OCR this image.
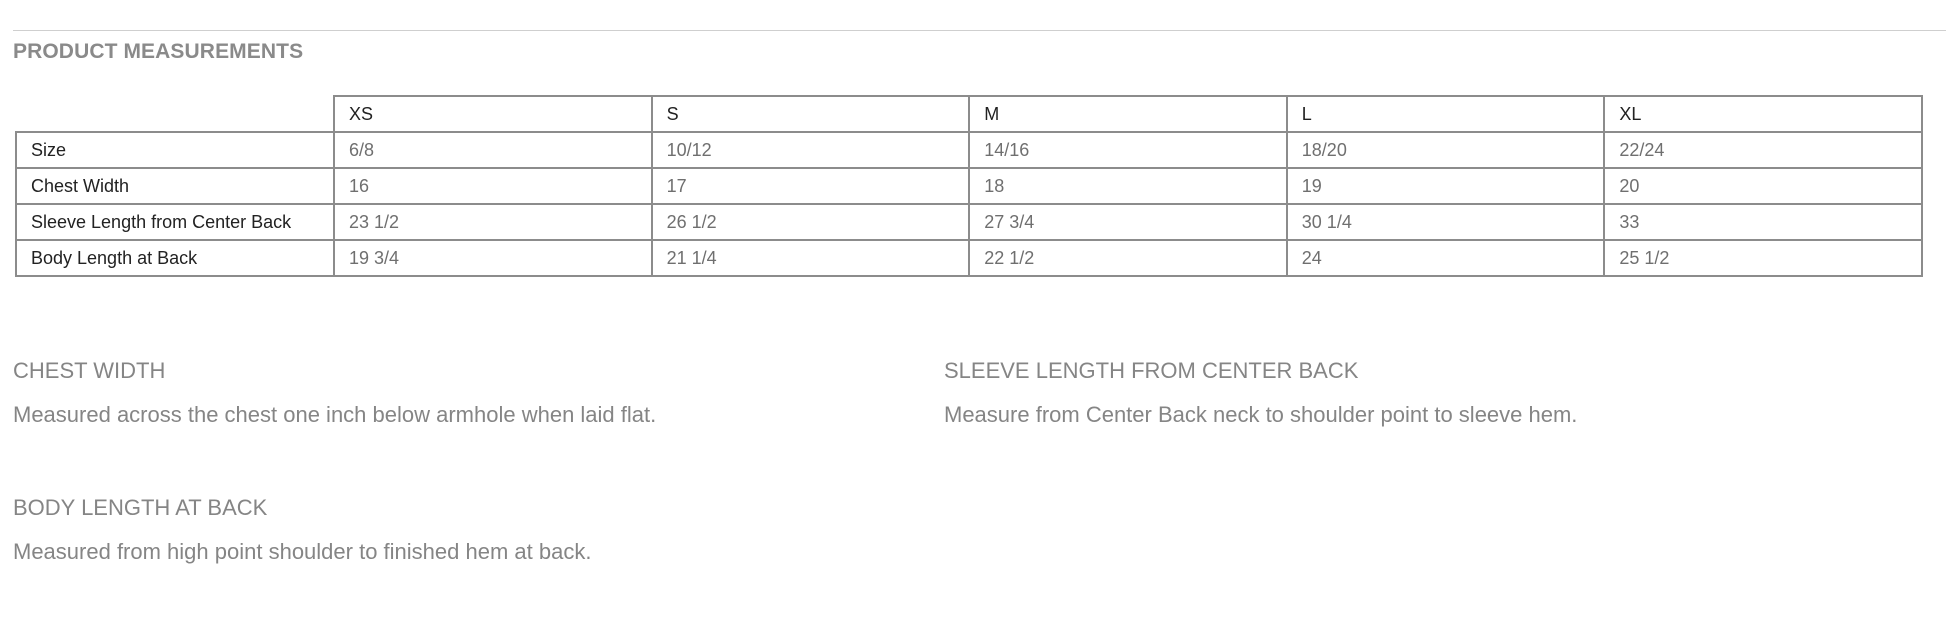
PRODUCT MEASUREMENTS
	XS	S	M	L	XL
Size	6/8	10/12	14/16	18/20	22/24
Chest Width	16	17	18	19	20
Sleeve Length from Center Back	23 1/2	26 1/2	27 3/4	30 1/4	33
Body Length at Back	19 3/4	21 1/4	22 1/2	24	25 1/2
CHEST WIDTH
Measured across the chest one inch below armhole when laid flat.
SLEEVE LENGTH FROM CENTER BACK
Measure from Center Back neck to shoulder point to sleeve hem.
BODY LENGTH AT BACK
Measured from high point shoulder to finished hem at back.
